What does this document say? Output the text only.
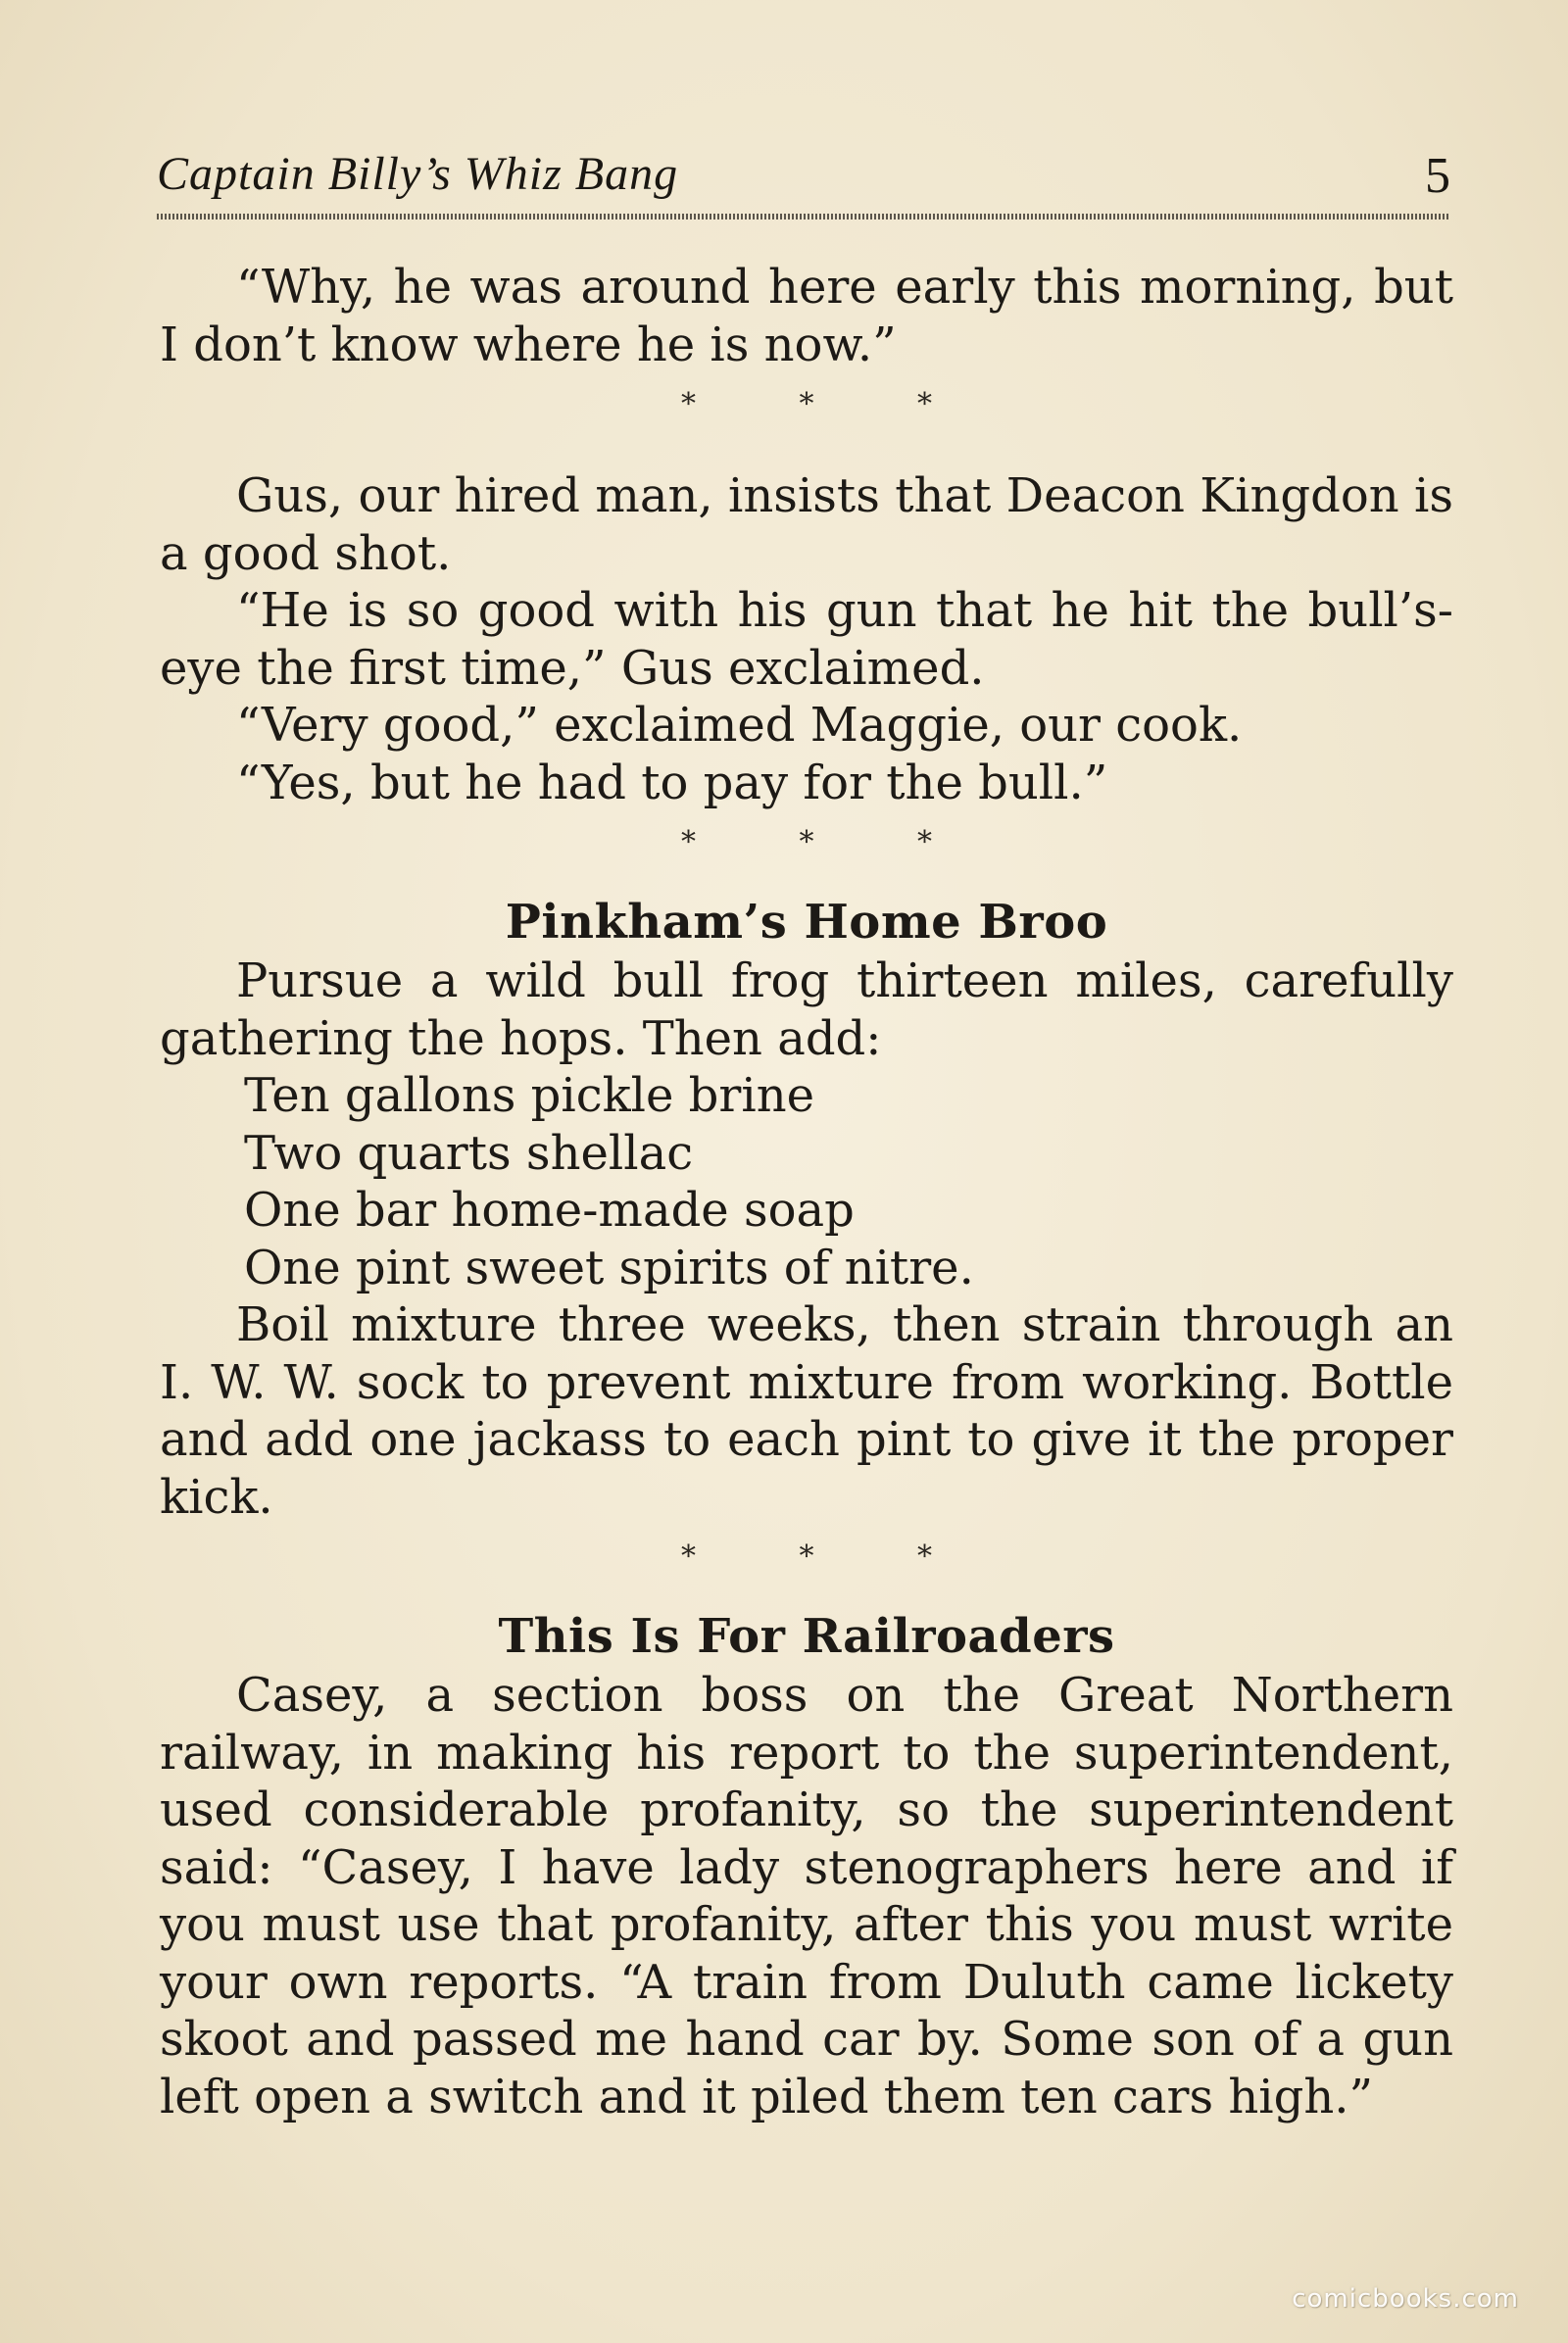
Captain Billy’s Whiz Bang	5

“Why, he was around here early this morning, but I don’t know where he is now.”

* * *

Gus, our hired man, insists that Deacon Kingdon is a good shot.

“He is so good with his gun that he hit the bull’s-eye the first time,” Gus exclaimed.

“Very good,” exclaimed Maggie, our cook.

“Yes, but he had to pay for the bull.”

* * *
Pinkham’s Home Broo

Pursue a wild bull frog thirteen miles, carefully gathering the hops. Then add:

Ten gallons pickle brine

Two quarts shellac

One bar home-made soap

One pint sweet spirits of nitre.

Boil mixture three weeks, then strain through an I. W. W. sock to prevent mixture from working. Bottle and add one jackass to each pint to give it the proper kick.

* * *
This Is For Railroaders

Casey, a section boss on the Great Northern railway, in making his report to the superintendent, used considerable profanity, so the superintendent said: “Casey, I have lady stenographers here and if you must use that profanity, after this you must write your own reports. “A train from Duluth came lickety skoot and passed me hand car by. Some son of a gun left open a switch and it piled them ten cars high.”

comicbooks.com
